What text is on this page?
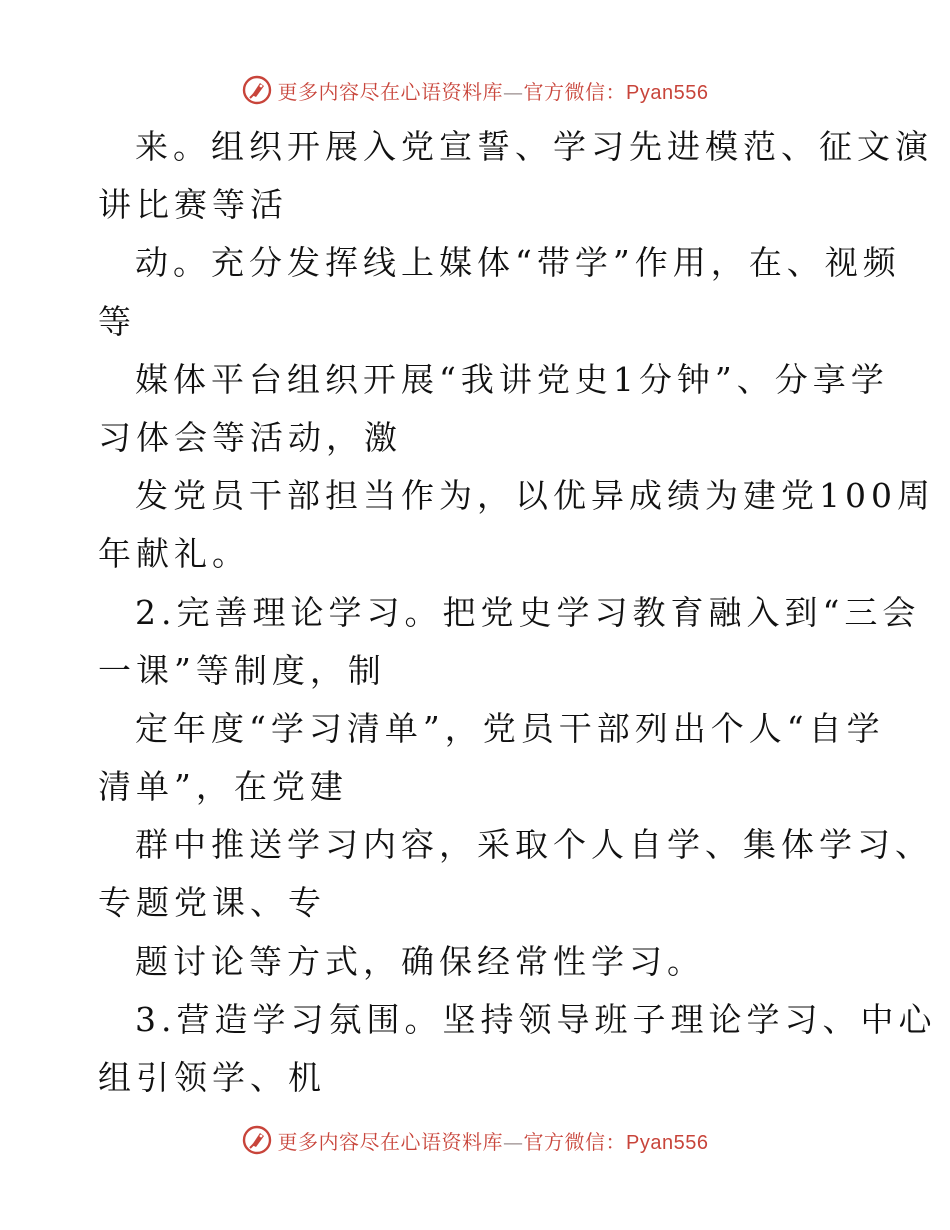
更多内容尽在心语资料库—官方微信：Pyan556
来。组织开展入党宣誓、学习先进模范、征文演
讲比赛等活
动。充分发挥线上媒体“带学”作用，在、视频
等
媒体平台组织开展“我讲党史1分钟”、分享学
习体会等活动，激
发党员干部担当作为，以优异成绩为建党100周
年献礼。
2.完善理论学习。把党史学习教育融入到“三会
一课”等制度，制
定年度“学习清单”，党员干部列出个人“自学
清单”，在党建
群中推送学习内容，采取个人自学、集体学习、
专题党课、专
题讨论等方式，确保经常性学习。
3.营造学习氛围。坚持领导班子理论学习、中心
组引领学、机
更多内容尽在心语资料库—官方微信：Pyan556
